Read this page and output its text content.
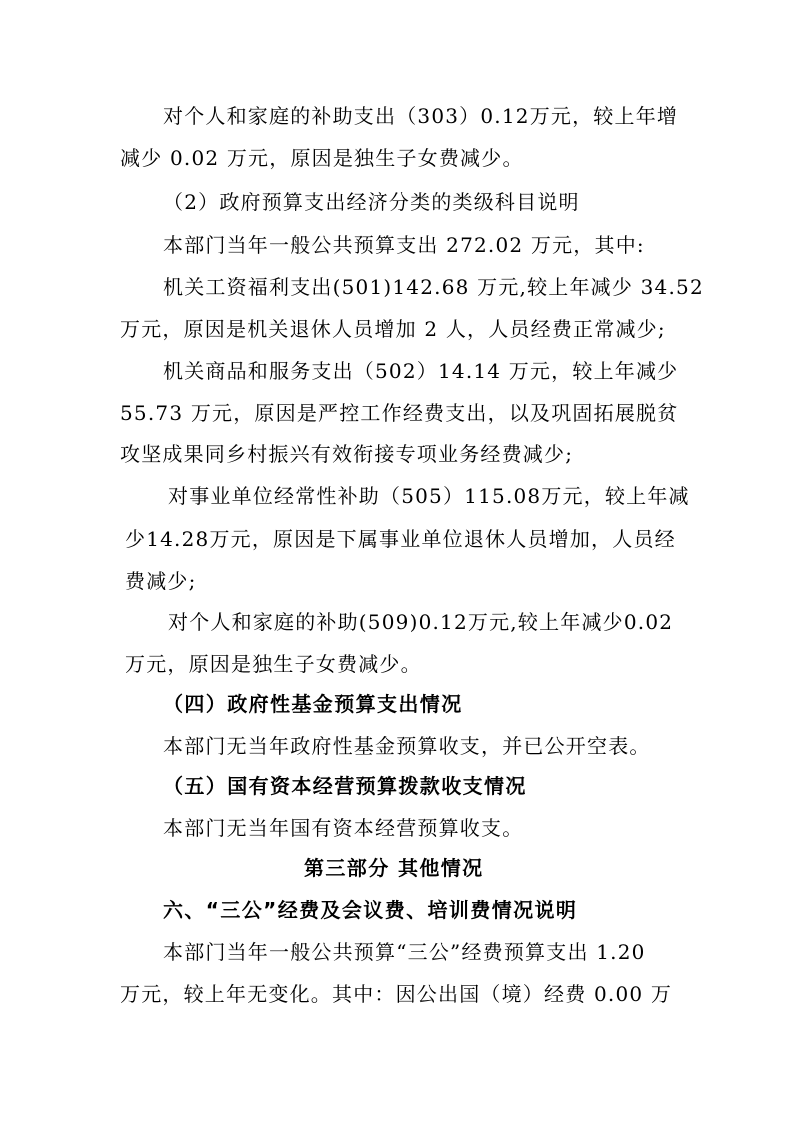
对个人和家庭的补助支出（303）0.12万元，较上年增
减少 0.02 万元，原因是独生子女费减少。
（2）政府预算支出经济分类的类级科目说明
本部门当年一般公共预算支出 272.02 万元，其中:
机关工资福利支出(501)142.68 万元,较上年减少 34.52
万元，原因是机关退休人员增加 2 人，人员经费正常减少;
机关商品和服务支出（502）14.14 万元，较上年减少
55.73 万元，原因是严控工作经费支出，以及巩固拓展脱贫
攻坚成果同乡村振兴有效衔接专项业务经费减少;
对事业单位经常性补助（505）115.08万元，较上年减
少14.28万元，原因是下属事业单位退休人员增加，人员经
费减少;
对个人和家庭的补助(509)0.12万元,较上年减少0.02
万元，原因是独生子女费减少。
（四）政府性基金预算支出情况
本部门无当年政府性基金预算收支，并已公开空表。
（五）国有资本经营预算拨款收支情况
本部门无当年国有资本经营预算收支。
第三部分 其他情况
六、“三公”经费及会议费、培训费情况说明
本部门当年一般公共预算“三公”经费预算支出 1.20
万元，较上年无变化。其中：因公出国（境）经费 0.00 万
